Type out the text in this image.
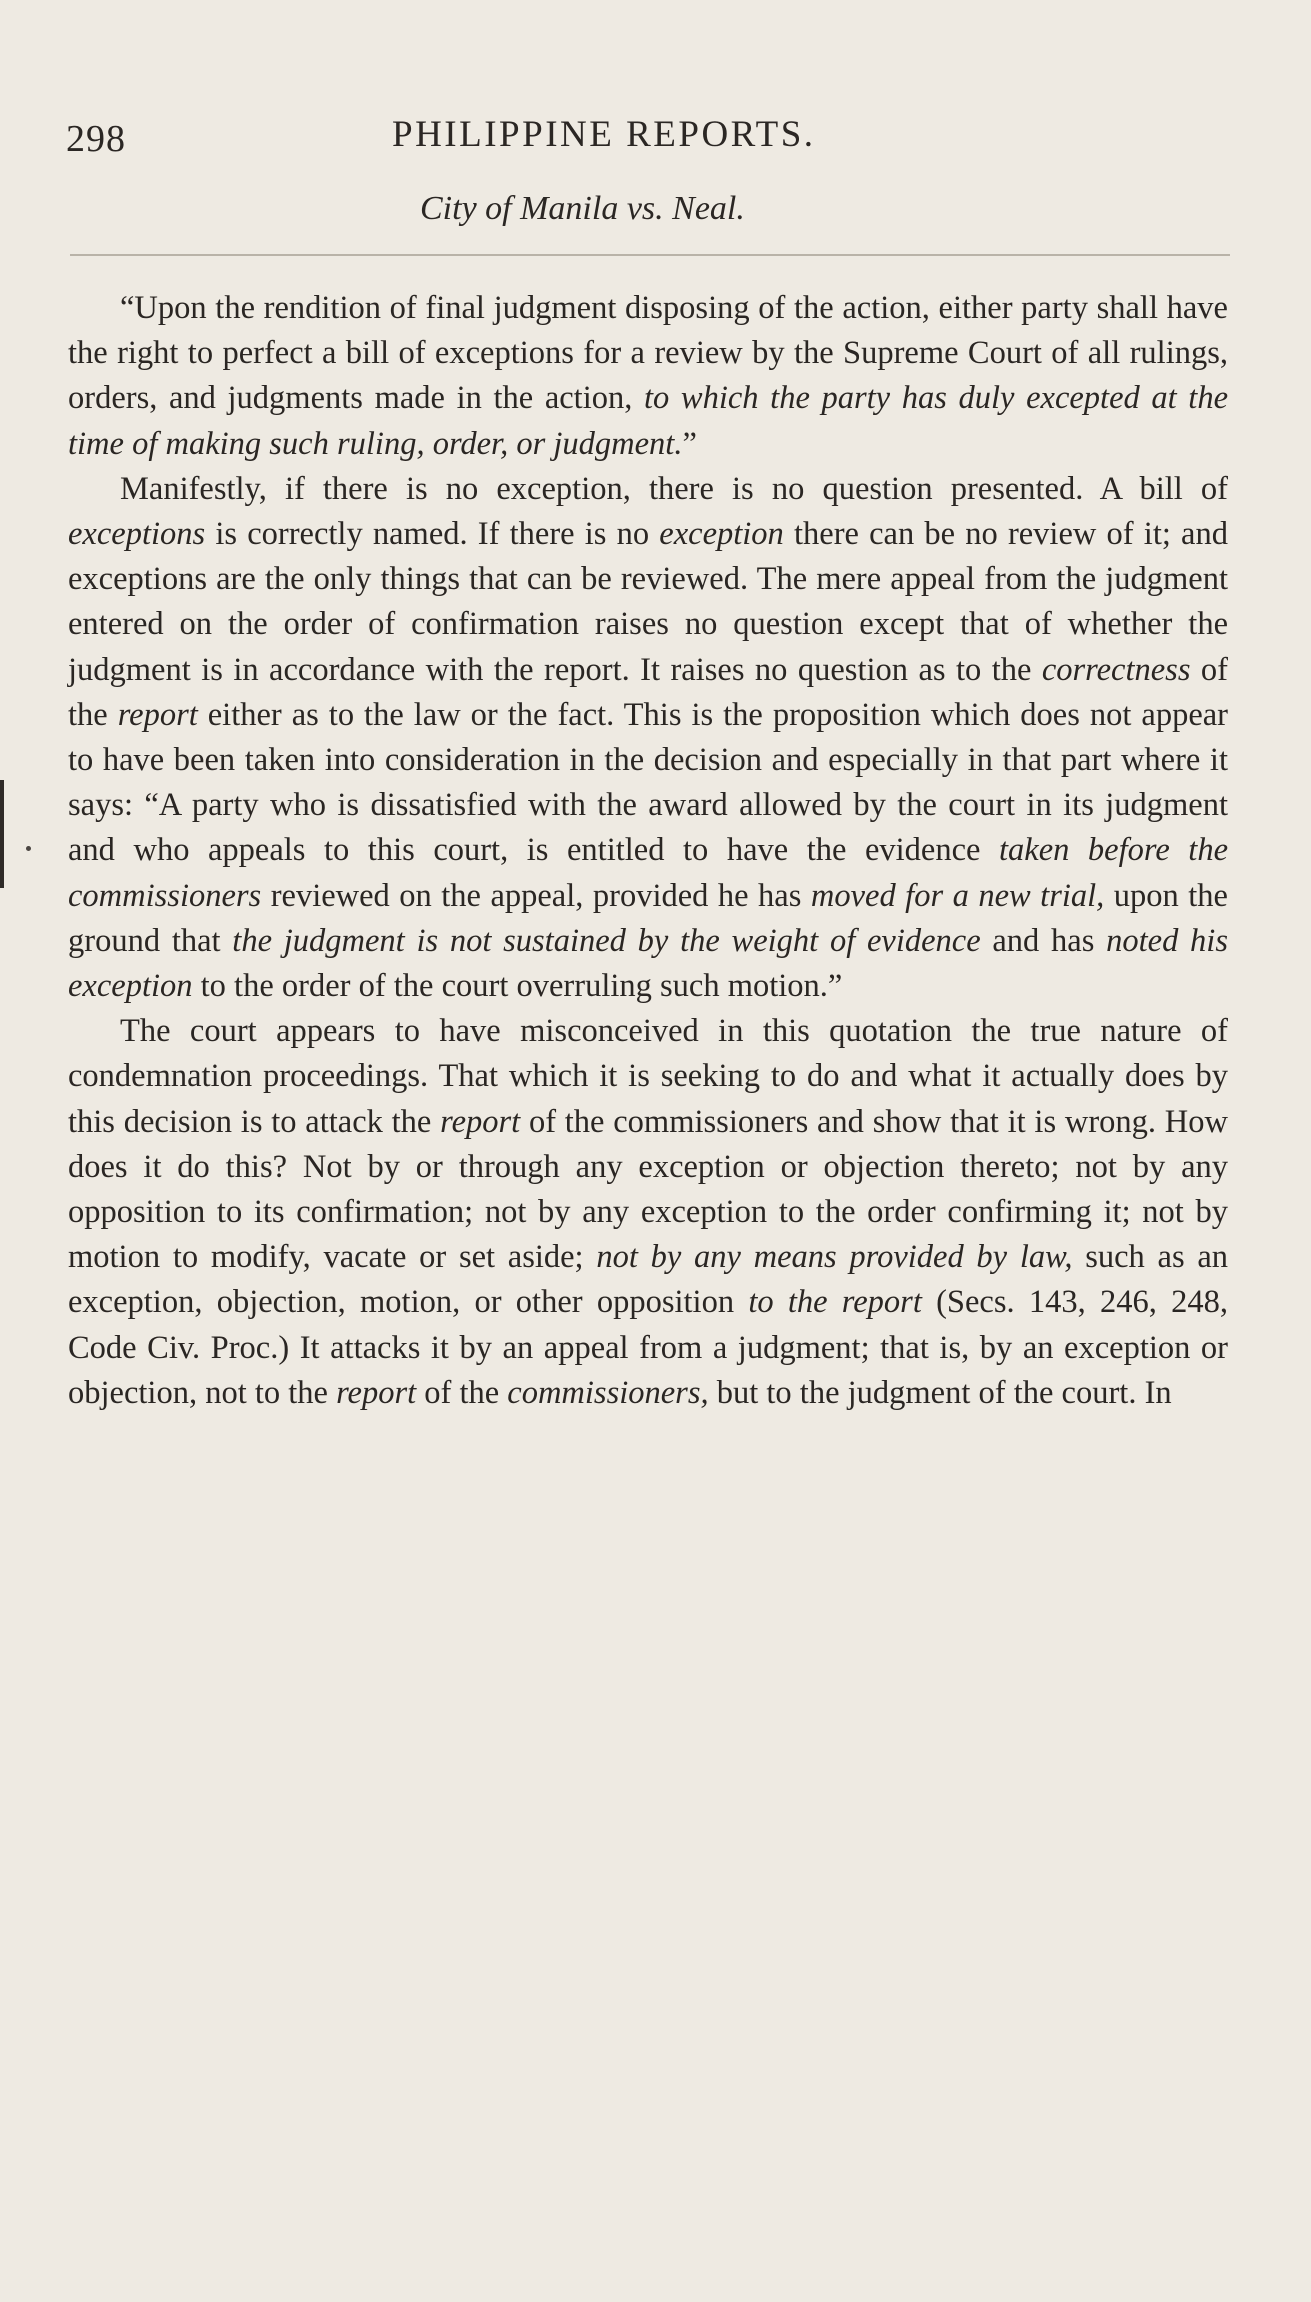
298	PHILIPPINE REPORTS.
City of Manila vs. Neal.

“Upon the rendition of final judgment disposing of the action, either party shall have the right to perfect a bill of exceptions for a review by the Supreme Court of all rulings, orders, and judgments made in the action, to which the party has duly excepted at the time of making such ruling, order, or judgment.”

Manifestly, if there is no exception, there is no question presented. A bill of exceptions is correctly named. If there is no exception there can be no review of it; and exceptions are the only things that can be reviewed. The mere appeal from the judgment entered on the order of confirmation raises no question except that of whether the judgment is in accordance with the report. It raises no question as to the correctness of the report either as to the law or the fact. This is the proposition which does not appear to have been taken into consideration in the decision and especially in that part where it says: “A party who is dissatisfied with the award allowed by the court in its judgment and who appeals to this court, is entitled to have the evidence taken before the commissioners reviewed on the appeal, provided he has moved for a new trial, upon the ground that the judgment is not sustained by the weight of evidence and has noted his exception to the order of the court overruling such motion.”

The court appears to have misconceived in this quotation the true nature of condemnation proceedings. That which it is seeking to do and what it actually does by this decision is to attack the report of the commissioners and show that it is wrong. How does it do this? Not by or through any exception or objection thereto; not by any opposition to its confirmation; not by any exception to the order confirming it; not by motion to modify, vacate or set aside; not by any means provided by law, such as an exception, objection, motion, or other opposition to the report (Secs. 143, 246, 248, Code Civ. Proc.) It attacks it by an appeal from a judgment; that is, by an exception or objection, not to the report of the commissioners, but to the judgment of the court. In
